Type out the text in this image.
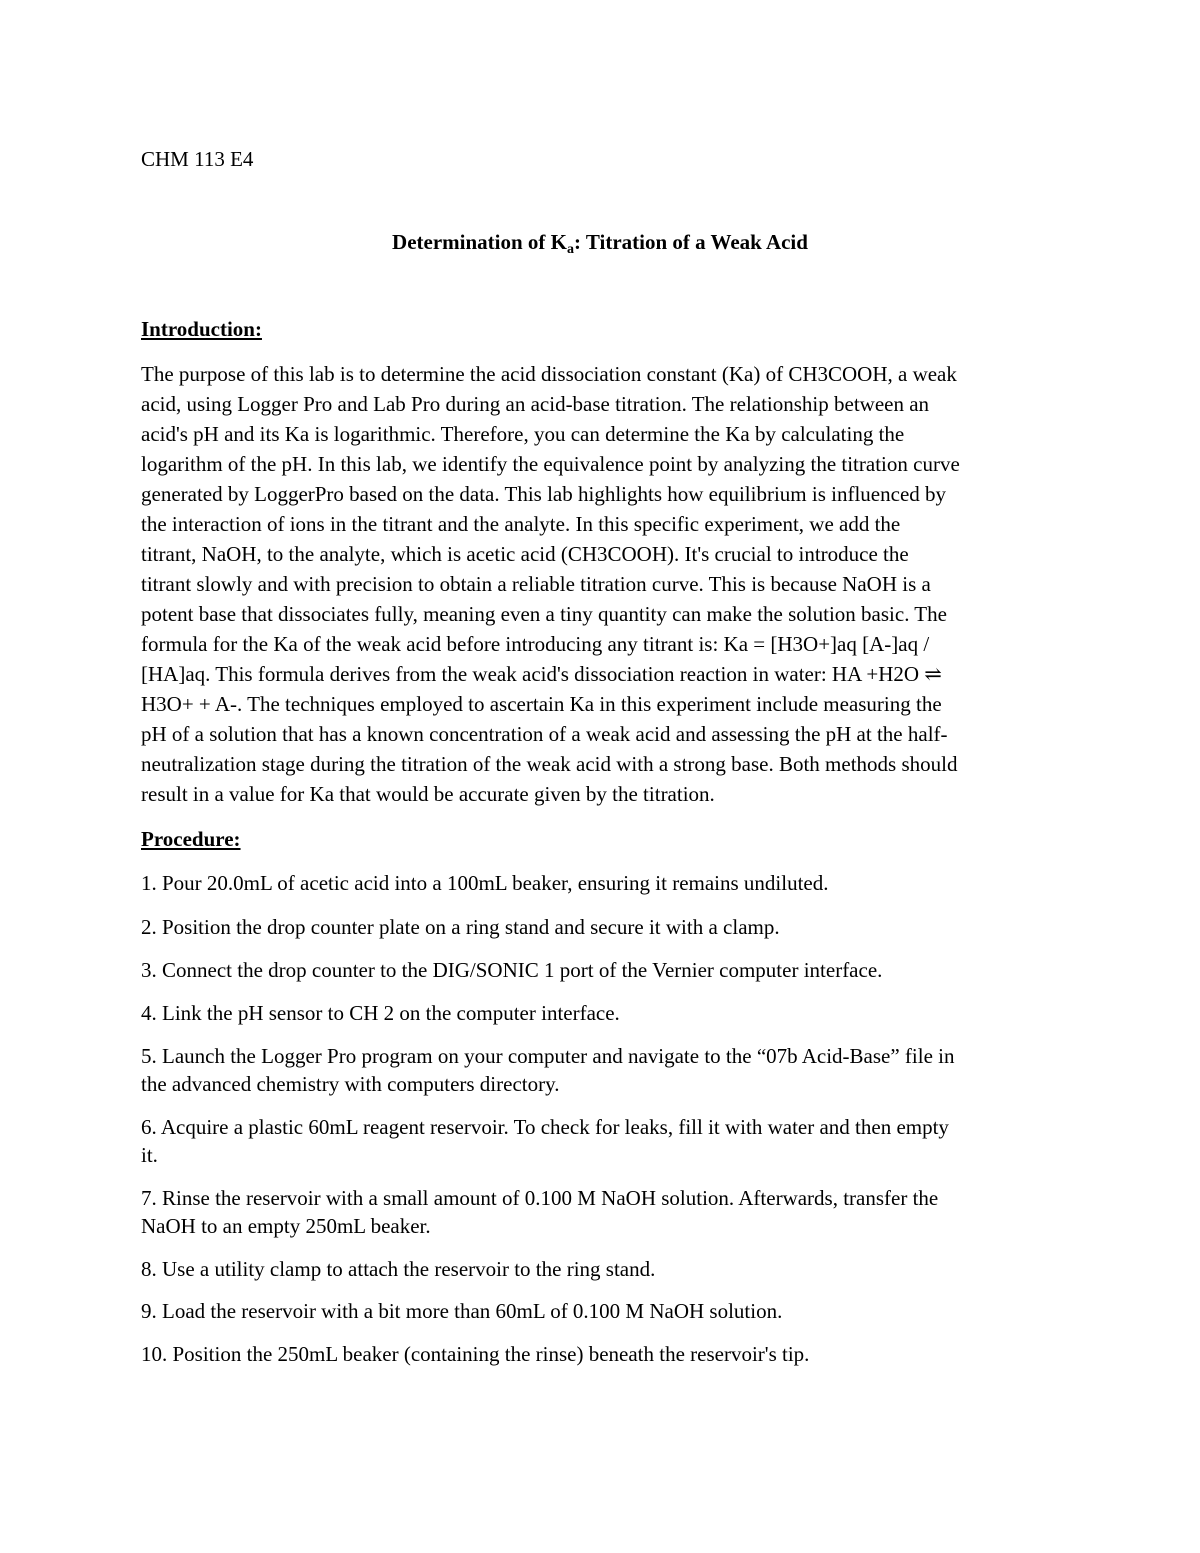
CHM 113 E4

Determination of $K_a$: Titration of a Weak Acid
Introduction:

The purpose of this lab is to determine the acid dissociation constant (Ka) of CH3COOH, a weak
acid, using Logger Pro and Lab Pro during an acid-base titration. The relationship between an
acid's pH and its Ka is logarithmic. Therefore, you can determine the Ka by calculating the
logarithm of the pH. In this lab, we identify the equivalence point by analyzing the titration curve
generated by LoggerPro based on the data. This lab highlights how equilibrium is influenced by
the interaction of ions in the titrant and the analyte. In this specific experiment, we add the
titrant, NaOH, to the analyte, which is acetic acid (CH3COOH). It's crucial to introduce the
titrant slowly and with precision to obtain a reliable titration curve. This is because NaOH is a
potent base that dissociates fully, meaning even a tiny quantity can make the solution basic. The
formula for the Ka of the weak acid before introducing any titrant is: Ka = [H3O+]aq [A-]aq /
[HA]aq. This formula derives from the weak acid's dissociation reaction in water: HA +H2O ⇌
H3O+ + A-. The techniques employed to ascertain Ka in this experiment include measuring the
pH of a solution that has a known concentration of a weak acid and assessing the pH at the half-
neutralization stage during the titration of the weak acid with a strong base. Both methods should
result in a value for Ka that would be accurate given by the titration.

Procedure:
1. Pour 20.0mL of acetic acid into a 100mL beaker, ensuring it remains undiluted.
2. Position the drop counter plate on a ring stand and secure it with a clamp.
3. Connect the drop counter to the DIG/SONIC 1 port of the Vernier computer interface.
4. Link the pH sensor to CH 2 on the computer interface.
5. Launch the Logger Pro program on your computer and navigate to the “07b Acid-Base” file in
the advanced chemistry with computers directory.
6. Acquire a plastic 60mL reagent reservoir. To check for leaks, fill it with water and then empty
it.
7. Rinse the reservoir with a small amount of 0.100 M NaOH solution. Afterwards, transfer the
NaOH to an empty 250mL beaker.
8. Use a utility clamp to attach the reservoir to the ring stand.
9. Load the reservoir with a bit more than 60mL of 0.100 M NaOH solution.
10. Position the 250mL beaker (containing the rinse) beneath the reservoir's tip.
